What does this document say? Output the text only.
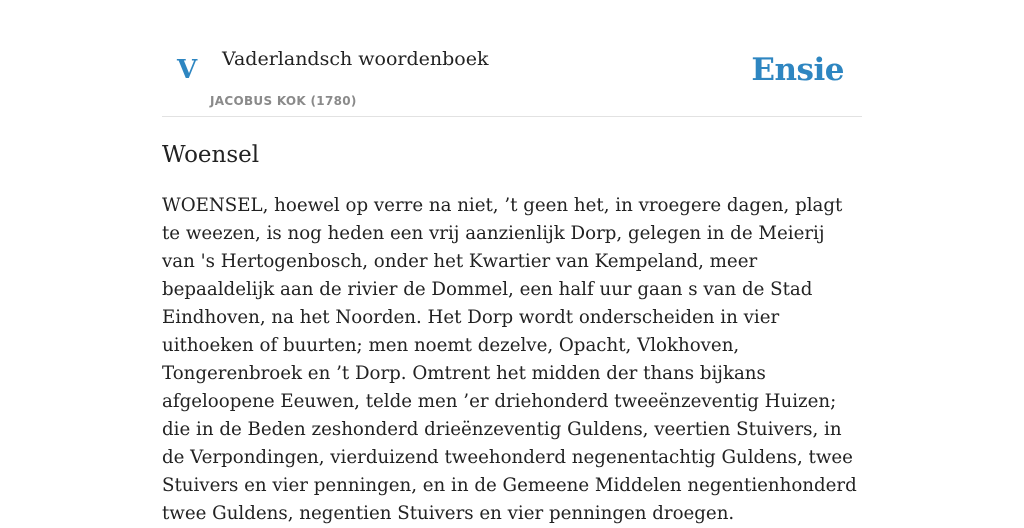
V Vaderlandsch woordenboek
JACOBUS KOK (1780)
Ensie
Woensel

WOENSEL, hoewel op verre na niet, ’t geen het, in vroegere dagen, plagt te weezen, is nog heden een vrij aanzienlijk Dorp, gelegen in de Meierij van 's Hertogenbosch, onder het Kwartier van Kempeland, meer bepaaldelijk aan de rivier de Dommel, een half uur gaan s van de Stad Eindhoven, na het Noorden. Het Dorp wordt onderscheiden in vier uithoeken of buurten; men noemt dezelve, Opacht, Vlokhoven, Tongerenbroek en ’t Dorp. Omtrent het midden der thans bijkans afgeloopene Eeuwen, telde men ’er driehonderd tweeënzeventig Huizen; die in de Beden zeshonderd drieënzeventig Guldens, veertien Stuivers, in de Verpondingen, vierduizend tweehonderd negenentachtig Guldens, twee Stuivers en vier penningen, en in de Gemeene Middelen negentienhonderd twee Guldens, negentien Stuivers en vier penningen droegen.
